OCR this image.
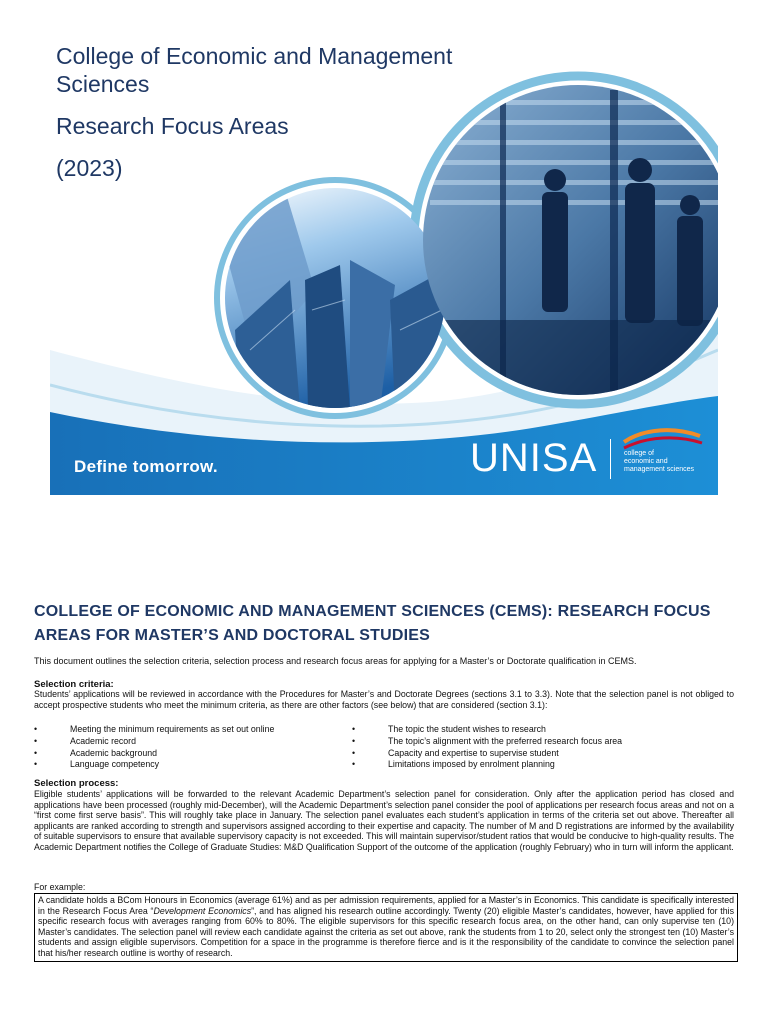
College of Economic and Management
Sciences
Research Focus Areas
(2023)
Define tomorrow.	UNISA	college of
economic and
management sciences
COLLEGE OF ECONOMIC AND MANAGEMENT SCIENCES (CEMS): RESEARCH FOCUS
AREAS FOR MASTER’S AND DOCTORAL STUDIES
This document outlines the selection criteria, selection process and research focus areas for applying for a Master’s or Doctorate qualification in CEMS.
Selection criteria:
Students’ applications will be reviewed in accordance with the Procedures for Master’s and Doctorate Degrees (sections 3.1 to 3.3). Note that the selection panel is not obliged to accept prospective students who meet the minimum criteria, as there are other factors (see below) that are considered (section 3.1):
• Meeting the minimum requirements as set out online
• Academic record
• Academic background
• Language competency
• The topic the student wishes to research
• The topic’s alignment with the preferred research focus area
• Capacity and expertise to supervise student
• Limitations imposed by enrolment planning
Selection process:
Eligible students’ applications will be forwarded to the relevant Academic Department’s selection panel for consideration. Only after the application period has closed and applications have been processed (roughly mid-December), will the Academic Department’s selection panel consider the pool of applications per research focus areas and not on a “first come first serve basis”. This will roughly take place in January. The selection panel evaluates each student’s application in terms of the criteria set out above. Thereafter all applicants are ranked according to strength and supervisors assigned according to their expertise and capacity. The number of M and D registrations are informed by the availability of suitable supervisors to ensure that available supervisory capacity is not exceeded. This will maintain supervisor/student ratios that would be conducive to high-quality results. The Academic Department notifies the College of Graduate Studies: M&D Qualification Support of the outcome of the application (roughly February) who in turn will inform the applicant.
For example:
A candidate holds a BCom Honours in Economics (average 61%) and as per admission requirements, applied for a Master’s in Economics. This candidate is specifically interested in the Research Focus Area “Development Economics”, and has aligned his research outline accordingly. Twenty (20) eligible Master’s candidates, however, have applied for this specific research focus with averages ranging from 60% to 80%. The eligible supervisors for this specific research focus area, on the other hand, can only supervise ten (10) Master’s candidates. The selection panel will review each candidate against the criteria as set out above, rank the students from 1 to 20, select only the strongest ten (10) Master’s students and assign eligible supervisors. Competition for a space in the programme is therefore fierce and is it the responsibility of the candidate to convince the selection panel that his/her research outline is worthy of research.
